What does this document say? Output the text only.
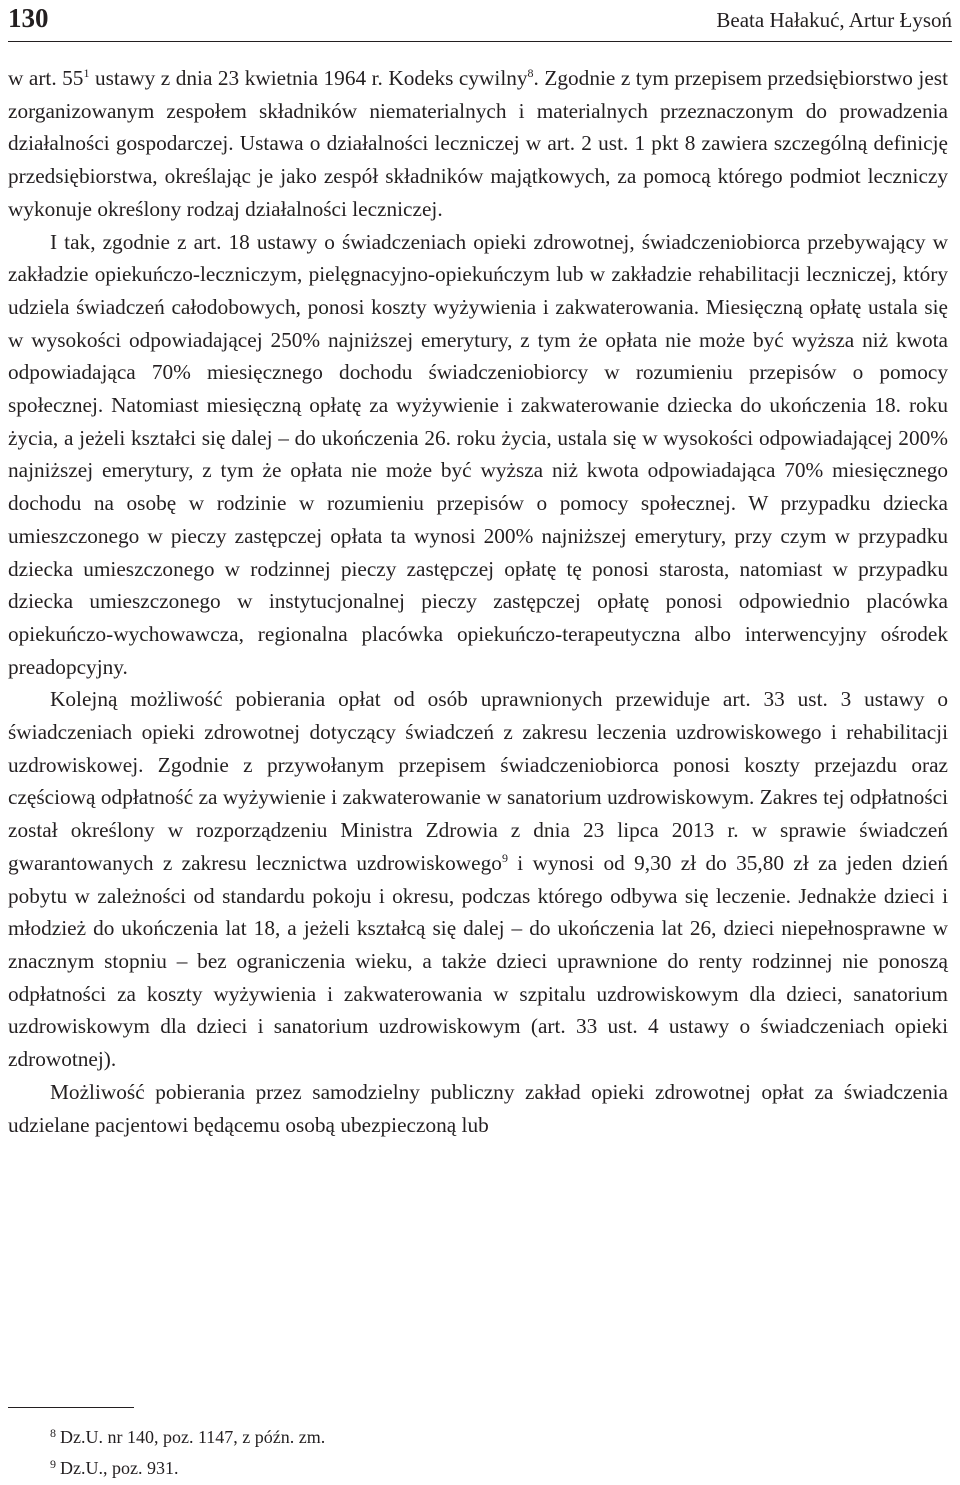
130	Beata Hałakuć, Artur Łysoń

w art. $55^1$ ustawy z dnia 23 kwietnia 1964 r. Kodeks cywilny$^8$. Zgodnie z tym przepisem przedsiębiorstwo jest zorganizowanym zespołem składników niematerialnych i materialnych przeznaczonym do prowadzenia działalności gospodarczej. Ustawa o działalności leczniczej w art. 2 ust. 1 pkt 8 zawiera szczególną definicję przedsiębiorstwa, określając je jako zespół składników majątkowych, za pomocą którego podmiot leczniczy wykonuje określony rodzaj działalności leczniczej.

I tak, zgodnie z art. 18 ustawy o świadczeniach opieki zdrowotnej, świadczeniobiorca przebywający w zakładzie opiekuńczo-leczniczym, pielęgnacyjno-opiekuńczym lub w zakładzie rehabilitacji leczniczej, który udziela świadczeń całodobowych, ponosi koszty wyżywienia i zakwaterowania. Miesięczną opłatę ustala się w wysokości odpowiadającej 250% najniższej emerytury, z tym że opłata nie może być wyższa niż kwota odpowiadająca 70% miesięcznego dochodu świadczeniobiorcy w rozumieniu przepisów o pomocy społecznej. Natomiast miesięczną opłatę za wyżywienie i zakwaterowanie dziecka do ukończenia 18. roku życia, a jeżeli kształci się dalej – do ukończenia 26. roku życia, ustala się w wysokości odpowiadającej 200% najniższej emerytury, z tym że opłata nie może być wyższa niż kwota odpowiadająca 70% miesięcznego dochodu na osobę w rodzinie w rozumieniu przepisów o pomocy społecznej. W przypadku dziecka umieszczonego w pieczy zastępczej opłata ta wynosi 200% najniższej emerytury, przy czym w przypadku dziecka umieszczonego w rodzinnej pieczy zastępczej opłatę tę ponosi starosta, natomiast w przypadku dziecka umieszczonego w instytucjonalnej pieczy zastępczej opłatę ponosi odpowiednio placówka opiekuńczo-wychowawcza, regionalna placówka opiekuńczo-terapeutyczna albo interwencyjny ośrodek preadopcyjny.

Kolejną możliwość pobierania opłat od osób uprawnionych przewiduje art. 33 ust. 3 ustawy o świadczeniach opieki zdrowotnej dotyczący świadczeń z zakresu leczenia uzdrowiskowego i rehabilitacji uzdrowiskowej. Zgodnie z przywołanym przepisem świadczeniobiorca ponosi koszty przejazdu oraz częściową odpłatność za wyżywienie i zakwaterowanie w sanatorium uzdrowiskowym. Zakres tej odpłatności został określony w rozporządzeniu Ministra Zdrowia z dnia 23 lipca 2013 r. w sprawie świadczeń gwarantowanych z zakresu lecznictwa uzdrowiskowego$^9$ i wynosi od 9,30 zł do 35,80 zł za jeden dzień pobytu w zależności od standardu pokoju i okresu, podczas którego odbywa się leczenie. Jednakże dzieci i młodzież do ukończenia lat 18, a jeżeli kształcą się dalej – do ukończenia lat 26, dzieci niepełnosprawne w znacznym stopniu – bez ograniczenia wieku, a także dzieci uprawnione do renty rodzinnej nie ponoszą odpłatności za koszty wyżywienia i zakwaterowania w szpitalu uzdrowiskowym dla dzieci, sanatorium uzdrowiskowym dla dzieci i sanatorium uzdrowiskowym (art. 33 ust. 4 ustawy o świadczeniach opieki zdrowotnej).

Możliwość pobierania przez samodzielny publiczny zakład opieki zdrowotnej opłat za świadczenia udzielane pacjentowi będącemu osobą ubezpieczoną lub

8 Dz.U. nr 140, poz. 1147, z późn. zm.
9 Dz.U., poz. 931.
